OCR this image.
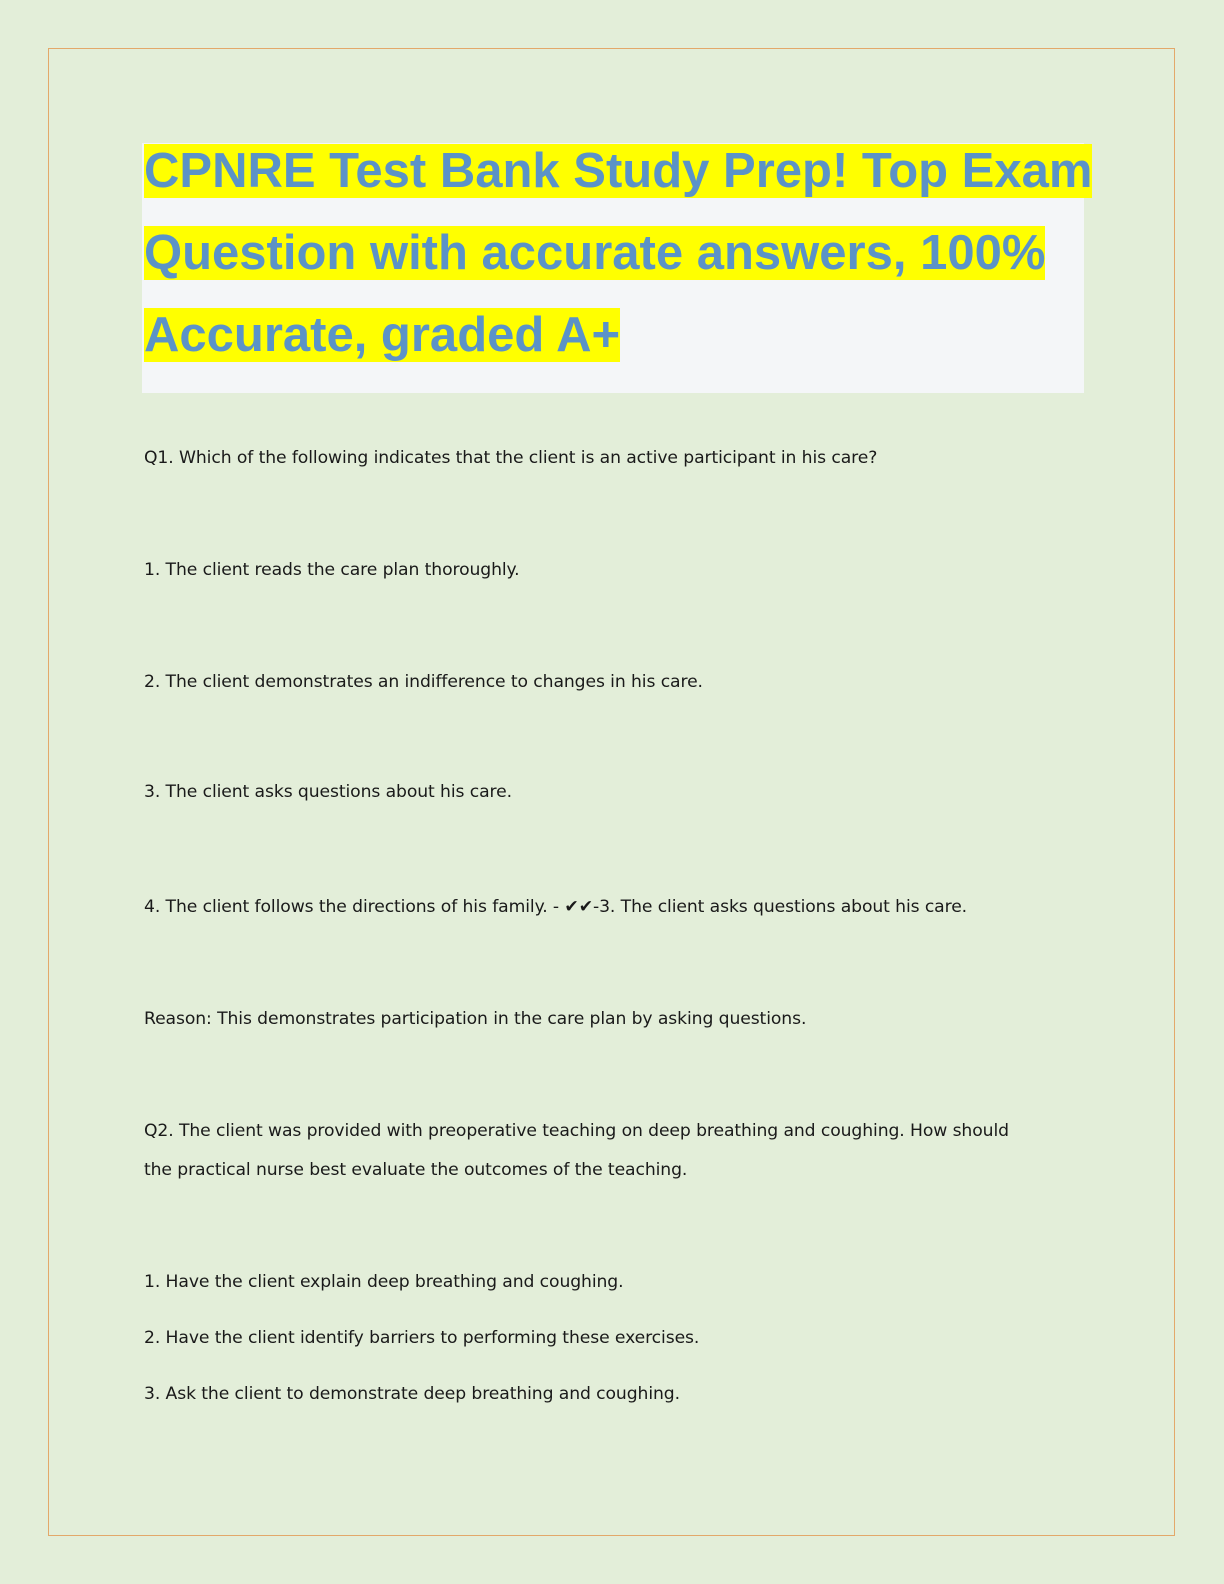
CPNRE Test Bank Study Prep! Top Exam
Question with accurate answers, 100%
Accurate, graded A+
Q1. Which of the following indicates that the client is an active participant in his care?
1. The client reads the care plan thoroughly.
2. The client demonstrates an indifference to changes in his care.
3. The client asks questions about his care.
4. The client follows the directions of his family. - ✔✔-3. The client asks questions about his care.
Reason: This demonstrates participation in the care plan by asking questions.
Q2. The client was provided with preoperative teaching on deep breathing and coughing. How should
the practical nurse best evaluate the outcomes of the teaching.
1. Have the client explain deep breathing and coughing.
2. Have the client identify barriers to performing these exercises.
3. Ask the client to demonstrate deep breathing and coughing.
